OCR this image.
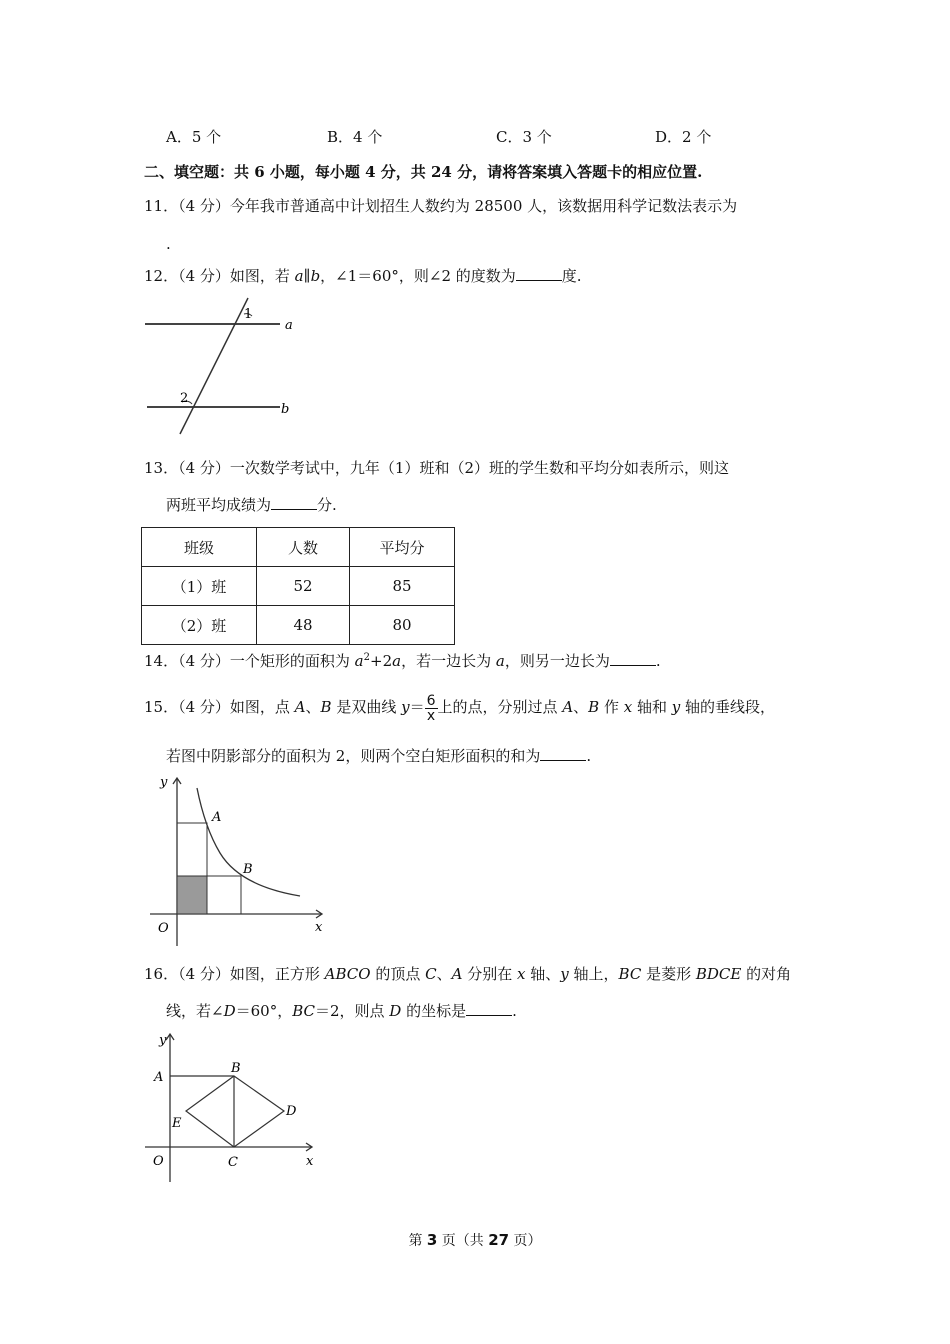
A．5 个	B．4 个	C．3 个	D．2 个
二、填空题：共 6 小题，每小题 4 分，共 24 分，请将答案填入答题卡的相应位置.
11．（4 分）今年我市普通高中计划招生人数约为 28500 人，该数据用科学记数法表示为
.
12．（4 分）如图，若 a∥b，∠1＝60°，则∠2 的度数为	度.
1
2
a
b
13．（4 分）一次数学考试中，九年（1）班和（2）班的学生数和平均分如表所示，则这
两班平均成绩为	分.
班级	人数	平均分
（1）班	52	85
（2）班	48	80
14．（4 分）一个矩形的面积为 $a^2+2a$，若一边长为 a，则另一边长为	.
15．（4 分）如图，点 A、B 是双曲线 $y= \frac{6}{x}$ 上的点，分别过点 A、B 作 x 轴和 y 轴的垂线段，
若图中阴影部分的面积为 2，则两个空白矩形面积的和为	.
y
x
O
A
B
16．（4 分）如图，正方形 ABCO 的顶点 C、A 分别在 x 轴、y 轴上，BC 是菱形 BDCE 的对角
线，若∠D＝60°，BC＝2，则点 D 的坐标是	.
y
x
O
A
B
C
D
E
第 3 页（共 27 页）
